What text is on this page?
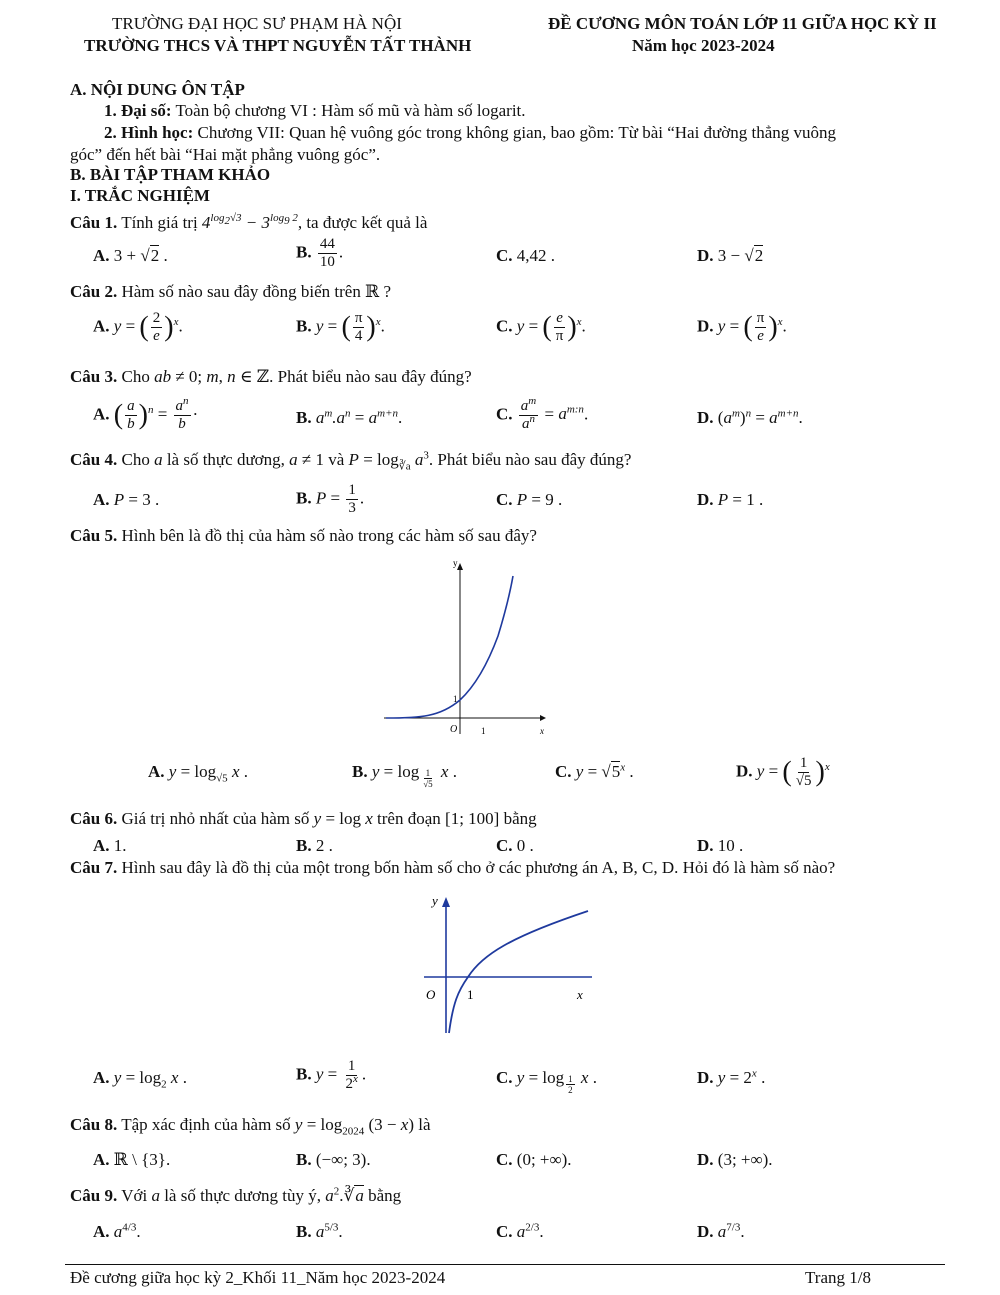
TRƯỜNG ĐẠI HỌC SƯ PHẠM HÀ NỘI
TRƯỜNG THCS VÀ THPT NGUYỄN TẤT THÀNH
ĐỀ CƯƠNG MÔN TOÁN LỚP 11 GIỮA HỌC KỲ II
Năm học 2023-2024
A. NỘI DUNG ÔN TẬP
1. Đại số: Toàn bộ chương VI : Hàm số mũ và hàm số logarit.
2. Hình học: Chương VII: Quan hệ vuông góc trong không gian, bao gồm: Từ bài “Hai đường thẳng vuông
góc” đến hết bài “Hai mặt phẳng vuông góc”.
B. BÀI TẬP THAM KHẢO
I. TRẮC NGHIỆM
Câu 1. Tính giá trị $4^{log_2√3} - 3^{log_9 2}$, ta được kết quả là
A. 3 + √2 .	B. $\frac{44}{10}$ .	C. 4,42 .	D. 3 − √2
Câu 2. Hàm số nào sau đây đồng biến trên ℝ ?
A. y = ( $\frac{2}{e} )^x$.	B. y = ( $\frac{\pi}{4} )^x$.	C. y = ( $\frac{e}{\pi} )^x$.	D. y = ( $\frac{\pi}{e} )^x$.
Câu 3. Cho ab ≠ 0; m, n ∈ ℤ. Phát biểu nào sau đây đúng?
A. ( $\frac{a}{b} )^n = \frac{a^n}{b}$ ·	B. $a^m.a^n = a^{m+n}$.	C. $\frac{a^m}{a^n} = a^{m:n}$.	D. $(a^m)^n = a^{m+n}$.
Câu 4. Cho a là số thực dương, a ≠ 1 và $P = \log_{∛a} a^3$. Phát biểu nào sau đây đúng?
A. P = 3 .	B. $P = \frac{1}{3}$ .	C. P = 9 .	D. P = 1 .
Câu 5. Hình bên là đồ thị của hàm số nào trong các hàm số sau đây?
y
x
O	1
1
A. $y = \log_{√5} x$ .	B. y = log $_{\frac{1}{√5}}$ x .	C. $y = √5^x$ .	D. y = ( $\frac{1}{√5} )^x$
Câu 6. Giá trị nhỏ nhất của hàm số y = log x trên đoạn [1; 100] bằng
A. 1.	B. 2 .	C. 0 .	D. 10 .
Câu 7. Hình sau đây là đồ thị của một trong bốn hàm số cho ở các phương án A, B, C, D. Hỏi đó là hàm số nào?
y
x
O 1
A. $y = \log_2 x$ .	B. $y = \frac{1}{2^x}$ .	C. y = log $_{\frac{1}{2}}$ x .	D. $y = 2^x$ .
Câu 8. Tập xác định của hàm số $y = \log_{2024} (3 - x)$ là
A. ℝ \ {3}.	B. (−∞; 3).	C. (0; +∞).	D. (3; +∞).
Câu 9. Với a là số thực dương tùy ý, $a^2.∛a$ bằng
A. $a^{4/3}$.	B. $a^{5/3}$.	C. $a^{2/3}$.	D. $a^{7/3}$.
Đề cương giữa học kỳ 2_Khối 11_Năm học 2023-2024	Trang 1/8
